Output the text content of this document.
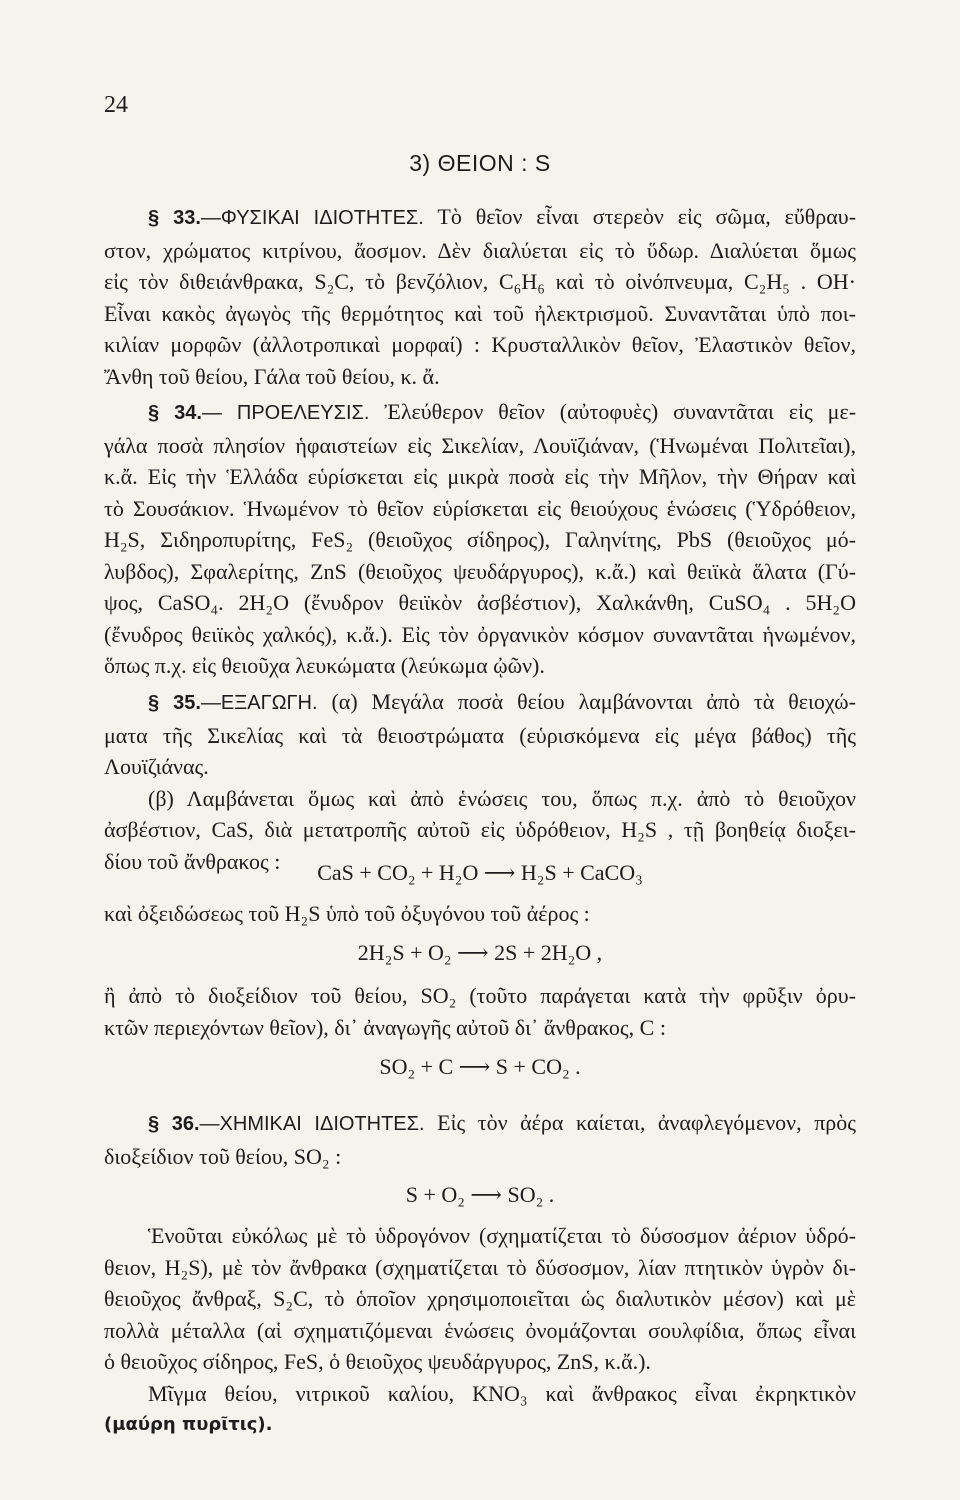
24
3) ΘΕΙΟΝ : S
§ 33.—ΦΥΣΙΚΑΙ ΙΔΙΟΤΗΤΕΣ. Τὸ θεῖον εἶναι στερεὸν εἰς σῶμα, εὔθραυ-
στον, χρώματος κιτρίνου, ἄοσμον. Δὲν διαλύεται εἰς τὸ ὕδωρ. Διαλύεται ὅμως
εἰς τὸν διθειάνθρακα, S₂C, τὸ βενζόλιον, C₆H₆ καὶ τὸ οἰνόπνευμα, C₂H₅ . ΟΗ·
Εἶναι κακὸς ἀγωγὸς τῆς θερμότητος καὶ τοῦ ἠλεκτρισμοῦ. Συναντᾶται ὑπὸ ποι-
κιλίαν μορφῶν (ἀλλοτροπικαὶ μορφαί) : Κρυσταλλικὸν θεῖον, Ἐλαστικὸν θεῖον,
Ἄνθη τοῦ θείου, Γάλα τοῦ θείου, κ. ἄ.
§ 34.— ΠΡΟΕΛΕΥΣΙΣ. Ἐλεύθερον θεῖον (αὐτοφυὲς) συναντᾶται εἰς με-
γάλα ποσὰ πλησίον ἡφαιστείων εἰς Σικελίαν, Λουϊζιάναν, (Ἡνωμέναι Πολιτεῖαι),
κ.ἄ. Εἰς τὴν Ἑλλάδα εὑρίσκεται εἰς μικρὰ ποσὰ εἰς τὴν Μῆλον, τὴν Θήραν καὶ
τὸ Σουσάκιον. Ἡνωμένον τὸ θεῖον εὑρίσκεται εἰς θειούχους ἑνώσεις (Ὑδρόθειον,
H₂S, Σιδηροπυρίτης, FeS₂ (θειοῦχος σίδηρος), Γαληνίτης, PbS (θειοῦχος μό-
λυβδος), Σφαλερίτης, ZnS (θειοῦχος ψευδάργυρος), κ.ἄ.) καὶ θειϊκὰ ἅλατα (Γύ-
ψος, CaSO₄. 2H₂O (ἔνυδρον θειϊκὸν ἀσβέστιον), Χαλκάνθη, CuSO₄ . 5H₂O
(ἔνυδρος θειϊκὸς χαλκός), κ.ἄ.). Εἰς τὸν ὀργανικὸν κόσμον συναντᾶται ἡνωμένον,
ὅπως π.χ. εἰς θειοῦχα λευκώματα (λεύκωμα ᾠῶν).
§ 35.—ΕΞΑΓΩΓΗ. (α) Μεγάλα ποσὰ θείου λαμβάνονται ἀπὸ τὰ θειοχώ-
ματα τῆς Σικελίας καὶ τὰ θειοστρώματα (εὑρισκόμενα εἰς μέγα βάθος) τῆς
Λουϊζιάνας.
(β) Λαμβάνεται ὅμως καὶ ἀπὸ ἑνώσεις του, ὅπως π.χ. ἀπὸ τὸ θειοῦχον
ἀσβέστιον, CaS, διὰ μετατροπῆς αὐτοῦ εἰς ὑδρόθειον, H₂S , τῇ βοηθείᾳ διοξει-
δίου τοῦ ἄνθρακος :	CaS + CO₂ + H₂O ⟶ H₂S + CaCO₃
καὶ ὀξειδώσεως τοῦ H₂S ὑπὸ τοῦ ὀξυγόνου τοῦ ἀέρος :
2H₂S + O₂ ⟶ 2S + 2H₂O ,
ἢ ἀπὸ τὸ διοξείδιον τοῦ θείου, SO₂ (τοῦτο παράγεται κατὰ τὴν φρῦξιν ὀρυ-
κτῶν περιεχόντων θεῖον), δι᾽ ἀναγωγῆς αὐτοῦ δι᾽ ἄνθρακος, C :
SO₂ + C ⟶ S + CO₂ .
§ 36.—ΧΗΜΙΚΑΙ ΙΔΙΟΤΗΤΕΣ. Εἰς τὸν ἀέρα καίεται, ἀναφλεγόμενον, πρὸς
διοξείδιον τοῦ θείου, SO₂ :
S + O₂ ⟶ SO₂ .
Ἑνοῦται εὐκόλως μὲ τὸ ὑδρογόνον (σχηματίζεται τὸ δύσοσμον ἀέριον ὑδρό-
θειον, H₂S), μὲ τὸν ἄνθρακα (σχηματίζεται τὸ δύσοσμον, λίαν πτητικὸν ὑγρὸν δι-
θειοῦχος ἄνθραξ, S₂C, τὸ ὁποῖον χρησιμοποιεῖται ὡς διαλυτικὸν μέσον) καὶ μὲ
πολλὰ μέταλλα (αἱ σχηματιζόμεναι ἑνώσεις ὀνομάζονται σουλφίδια, ὅπως εἶναι
ὁ θειοῦχος σίδηρος, FeS, ὁ θειοῦχος ψευδάργυρος, ZnS, κ.ἄ.).
Μῖγμα θείου, νιτρικοῦ καλίου, KNO₃ καὶ ἄνθρακος εἶναι ἐκρηκτικὸν
(μαύρη πυρῖτις).
